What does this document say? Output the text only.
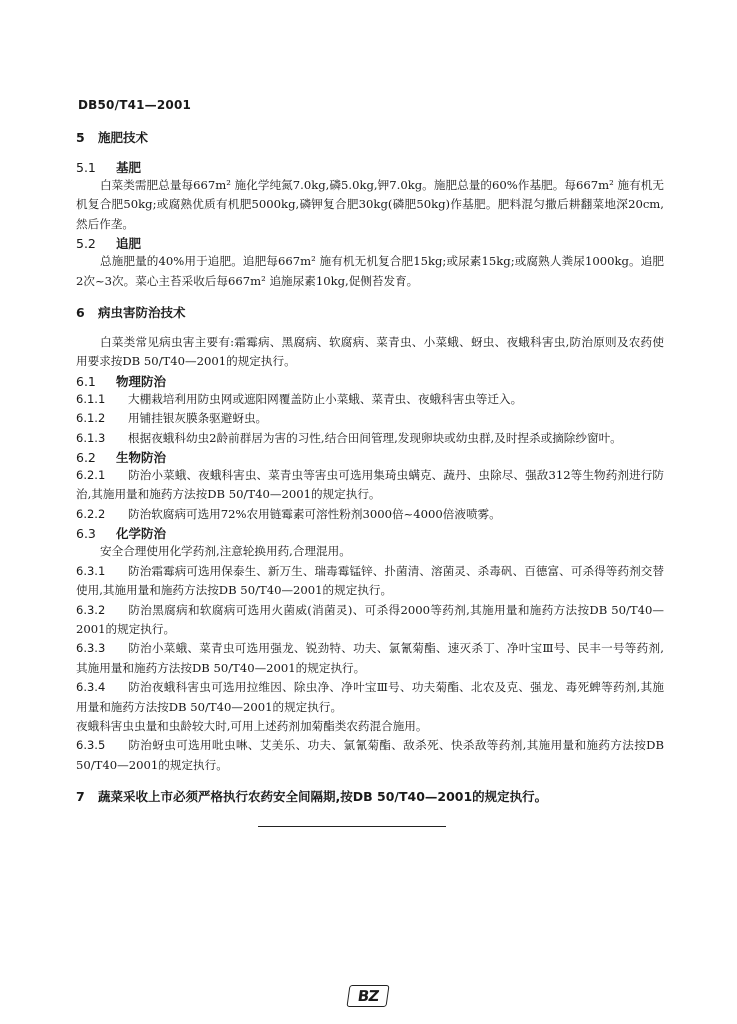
DB50/T41—2001

5 施肥技术

5.1 基肥

白菜类需肥总量每667m² 施化学纯氮7.0kg,磷5.0kg,钾7.0kg。施肥总量的60%作基肥。每667m² 施有机无机复合肥50kg;或腐熟优质有机肥5000kg,磷钾复合肥30kg(磷肥50kg)作基肥。肥料混匀撒后耕翻菜地深20cm,然后作垄。

5.2 追肥

总施肥量的40%用于追肥。追肥每667m² 施有机无机复合肥15kg;或尿素15kg;或腐熟人粪尿1000kg。追肥2次~3次。菜心主苔采收后每667m² 追施尿素10kg,促侧苔发育。

6 病虫害防治技术

白菜类常见病虫害主要有:霜霉病、黑腐病、软腐病、菜青虫、小菜蛾、蚜虫、夜蛾科害虫,防治原则及农药使用要求按DB 50/T40—2001的规定执行。

6.1 物理防治

6.1.1 大棚栽培利用防虫网或遮阳网覆盖防止小菜蛾、菜青虫、夜蛾科害虫等迁入。

6.1.2 用铺挂银灰膜条驱避蚜虫。

6.1.3 根据夜蛾科幼虫2龄前群居为害的习性,结合田间管理,发现卵块或幼虫群,及时捏杀或摘除纱窗叶。

6.2 生物防治

6.2.1 防治小菜蛾、夜蛾科害虫、菜青虫等害虫可选用集琦虫螨克、蔬丹、虫除尽、强敌312等生物药剂进行防治,其施用量和施药方法按DB 50/T40—2001的规定执行。

6.2.2 防治软腐病可选用72%农用链霉素可溶性粉剂3000倍~4000倍液喷雾。

6.3 化学防治

安全合理使用化学药剂,注意轮换用药,合理混用。

6.3.1 防治霜霉病可选用保泰生、新万生、瑞毒霉锰锌、扑菌清、溶菌灵、杀毒矾、百德富、可杀得等药剂交替使用,其施用量和施药方法按DB 50/T40—2001的规定执行。

6.3.2 防治黑腐病和软腐病可选用火菌威(消菌灵)、可杀得2000等药剂,其施用量和施药方法按DB 50/T40—2001的规定执行。

6.3.3 防治小菜蛾、菜青虫可选用强龙、锐劲特、功夫、氯氰菊酯、速灭杀丁、净叶宝Ⅲ号、民丰一号等药剂,其施用量和施药方法按DB 50/T40—2001的规定执行。

6.3.4 防治夜蛾科害虫可选用拉维因、除虫净、净叶宝Ⅲ号、功夫菊酯、北农及克、强龙、毒死蜱等药剂,其施用量和施药方法按DB 50/T40—2001的规定执行。

夜蛾科害虫虫量和虫龄较大时,可用上述药剂加菊酯类农药混合施用。

6.3.5 防治蚜虫可选用吡虫啉、艾美乐、功夫、氯氰菊酯、敌杀死、快杀敌等药剂,其施用量和施药方法按DB 50/T40—2001的规定执行。

7 蔬菜采收上市必须严格执行农药安全间隔期,按DB 50/T40—2001的规定执行。

BZ
